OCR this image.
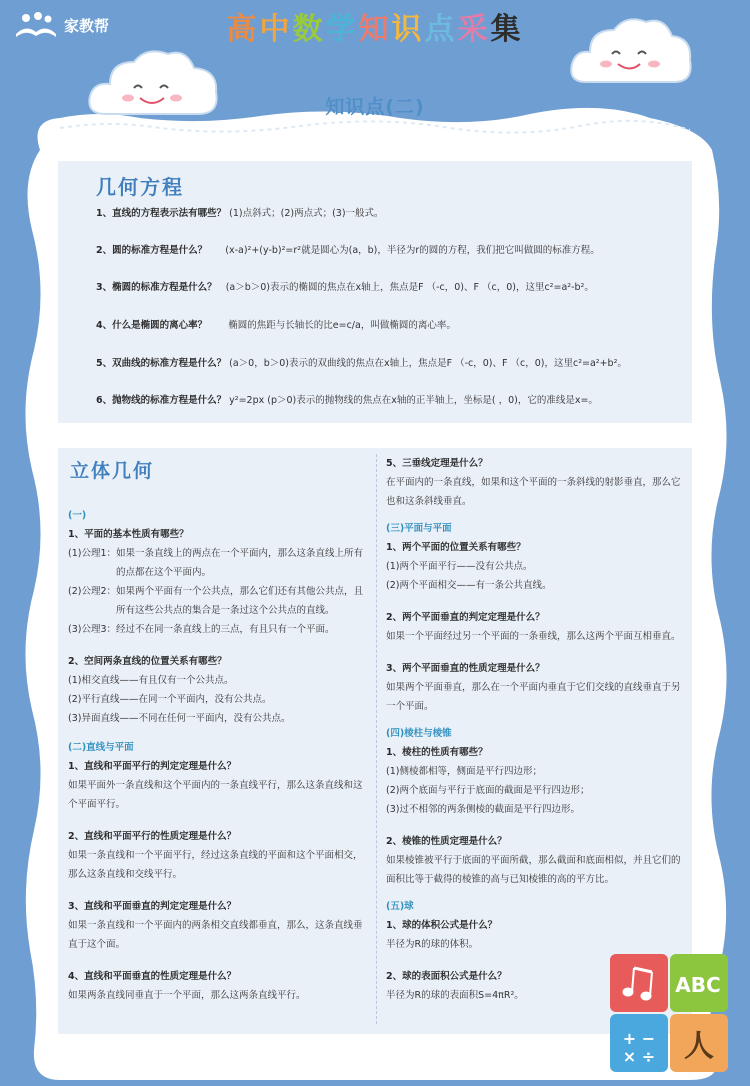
家教帮	高中数学知识点采集
知识点(二)
几何方程
1、直线的方程表示法有哪些？ (1)点斜式；(2)两点式；(3)一般式。
2、圆的标准方程是什么？ (x-a)²+(y-b)²=r²就是圆心为(a，b)，半径为r的圆的方程，我们把它叫做圆的标准方程。
3、椭圆的标准方程是什么？ (a＞b＞0)表示的椭圆的焦点在x轴上，焦点是F （-c，0)、F （c，0)，这里c²=a²-b²。
4、什么是椭圆的离心率？ 椭圆的焦距与长轴长的比e=c/a，叫做椭圆的离心率。
5、双曲线的标准方程是什么？ (a＞0，b＞0)表示的双曲线的焦点在x轴上，焦点是F （-c，0)、F （c，0)，这里c²=a²+b²。
6、抛物线的标准方程是什么？ y²=2px (p＞0)表示的抛物线的焦点在x轴的正半轴上，坐标是( ，0)，它的准线是x=。
立体几何
(一)
1、平面的基本性质有哪些？
(1)公理1： 如果一条直线上的两点在一个平面内，那么这条直线上所有的点都在这个平面内。
(2)公理2： 如果两个平面有一个公共点，那么它们还有其他公共点，且所有这些公共点的集合是一条过这个公共点的直线。
(3)公理3： 经过不在同一条直线上的三点，有且只有一个平面。
2、空间两条直线的位置关系有哪些？
(1)相交直线——有且仅有一个公共点。
(2)平行直线——在同一个平面内，没有公共点。
(3)异面直线——不同在任何一平面内，没有公共点。
(二)直线与平面
1、直线和平面平行的判定定理是什么？
如果平面外一条直线和这个平面内的一条直线平行，那么这条直线和这个平面平行。
2、直线和平面平行的性质定理是什么？
如果一条直线和一个平面平行，经过这条直线的平面和这个平面相交，那么这条直线和交线平行。
3、直线和平面垂直的判定定理是什么？
如果一条直线和一个平面内的两条相交直线都垂直，那么，这条直线垂直于这个面。
4、直线和平面垂直的性质定理是什么？
如果两条直线同垂直于一个平面，那么这两条直线平行。
5、三垂线定理是什么？
在平面内的一条直线，如果和这个平面的一条斜线的射影垂直，那么它也和这条斜线垂直。
(三)平面与平面
1、两个平面的位置关系有哪些？
(1)两个平面平行——没有公共点。
(2)两个平面相交——有一条公共直线。
2、两个平面垂直的判定定理是什么？
如果一个平面经过另一个平面的一条垂线，那么这两个平面互相垂直。
3、两个平面垂直的性质定理是什么？
如果两个平面垂直，那么在一个平面内垂直于它们交线的直线垂直于另一个平面。
(四)棱柱与棱锥
1、棱柱的性质有哪些？
(1)侧棱都相等，侧面是平行四边形；
(2)两个底面与平行于底面的截面是平行四边形；
(3)过不相邻的两条侧棱的截面是平行四边形。
2、棱锥的性质定理是什么？
如果棱锥被平行于底面的平面所截，那么截面和底面相似，并且它们的面积比等于截得的棱锥的高与已知棱锥的高的平方比。
(五)球
1、球的体积公式是什么？
半径为R的球的体积。
2、球的表面积公式是什么？
半径为R的球的表面积S=4πR²。	ABC
+ −
× ÷ 人
